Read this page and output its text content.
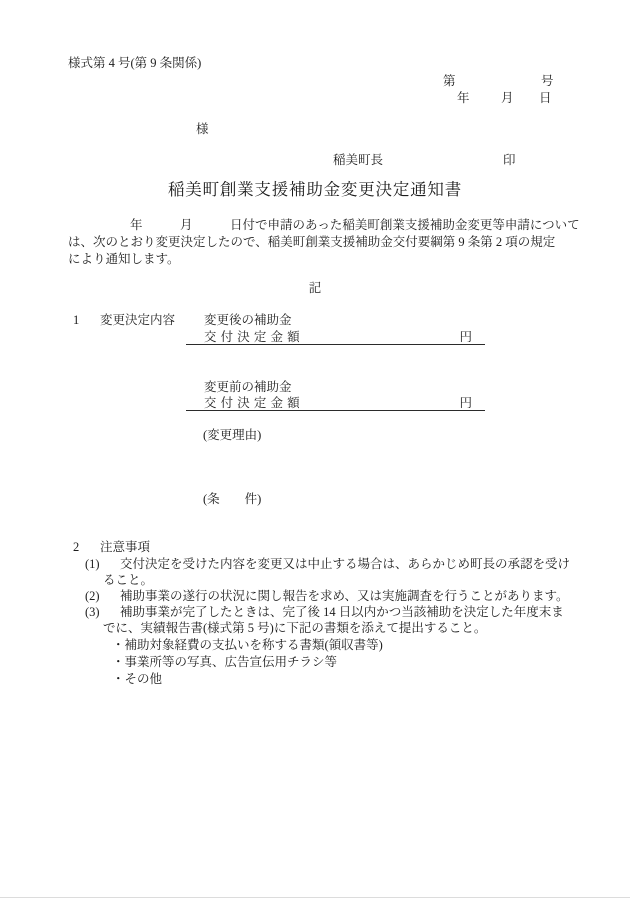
様式第 4 号(第 9 条関係)
第	号
年	月 日
様
稲美町長	印
稲美町創業支援補助金変更決定通知書
年　　　月　　　日付で申請のあった稲美町創業支援補助金変更等申請について
は、次のとおり変更決定したので、稲美町創業支援補助金交付要綱第 9 条第 2 項の規定
により通知します。
記
1 変更決定内容 変更後の補助金
交 付 決 定 金 額	円
変更前の補助金
交 付 決 定 金 額	円
(変更理由)
(条　　件)
2 注意事項
(1) 交付決定を受けた内容を変更又は中止する場合は、あらかじめ町長の承認を受け
ること。
(2) 補助事業の遂行の状況に関し報告を求め、又は実施調査を行うことがあります。
(3) 補助事業が完了したときは、完了後 14 日以内かつ当該補助を決定した年度末ま
でに、実績報告書(様式第 5 号)に下記の書類を添えて提出すること。
・補助対象経費の支払いを称する書類(領収書等)
・事業所等の写真、広告宣伝用チラシ等
・その他
